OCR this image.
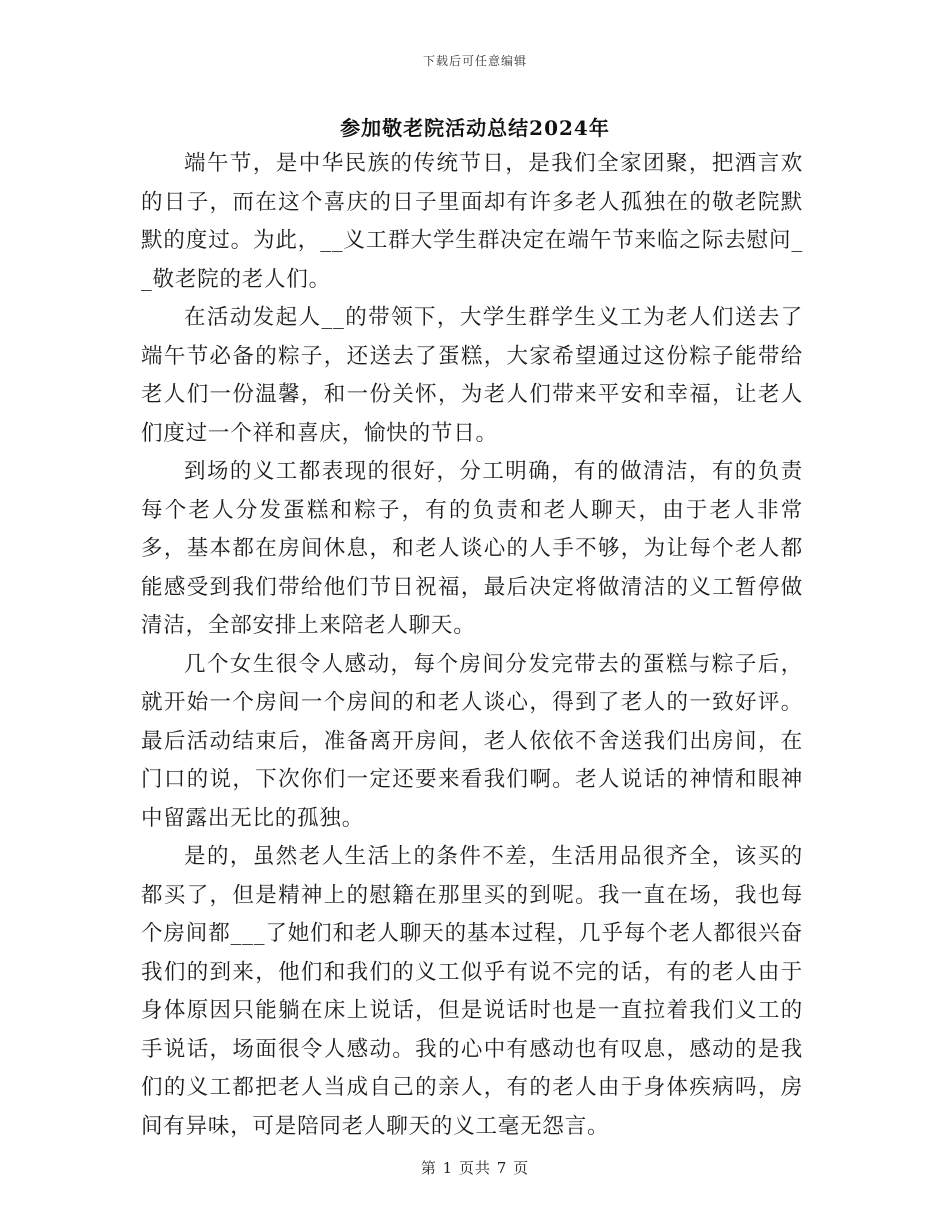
下载后可任意编辑
参加敬老院活动总结2024年

端午节，是中华民族的传统节日，是我们全家团聚，把酒言欢的日子，而在这个喜庆的日子里面却有许多老人孤独在的敬老院默默的度过。为此，__义工群大学生群决定在端午节来临之际去慰问__敬老院的老人们。

在活动发起人__的带领下，大学生群学生义工为老人们送去了端午节必备的粽子，还送去了蛋糕，大家希望通过这份粽子能带给老人们一份温馨，和一份关怀，为老人们带来平安和幸福，让老人们度过一个祥和喜庆，愉快的节日。

到场的义工都表现的很好，分工明确，有的做清洁，有的负责每个老人分发蛋糕和粽子，有的负责和老人聊天，由于老人非常多，基本都在房间休息，和老人谈心的人手不够，为让每个老人都能感受到我们带给他们节日祝福，最后决定将做清洁的义工暂停做清洁，全部安排上来陪老人聊天。

几个女生很令人感动，每个房间分发完带去的蛋糕与粽子后，就开始一个房间一个房间的和老人谈心，得到了老人的一致好评。最后活动结束后，准备离开房间，老人依依不舍送我们出房间，在门口的说，下次你们一定还要来看我们啊。老人说话的神情和眼神中留露出无比的孤独。

是的，虽然老人生活上的条件不差，生活用品很齐全，该买的都买了，但是精神上的慰籍在那里买的到呢。我一直在场，我也每个房间都___了她们和老人聊天的基本过程，几乎每个老人都很兴奋我们的到来，他们和我们的义工似乎有说不完的话，有的老人由于身体原因只能躺在床上说话，但是说话时也是一直拉着我们义工的手说话，场面很令人感动。我的心中有感动也有叹息，感动的是我们的义工都把老人当成自己的亲人，有的老人由于身体疾病吗，房间有异味，可是陪同老人聊天的义工毫无怨言。

第 1 页共 7 页
